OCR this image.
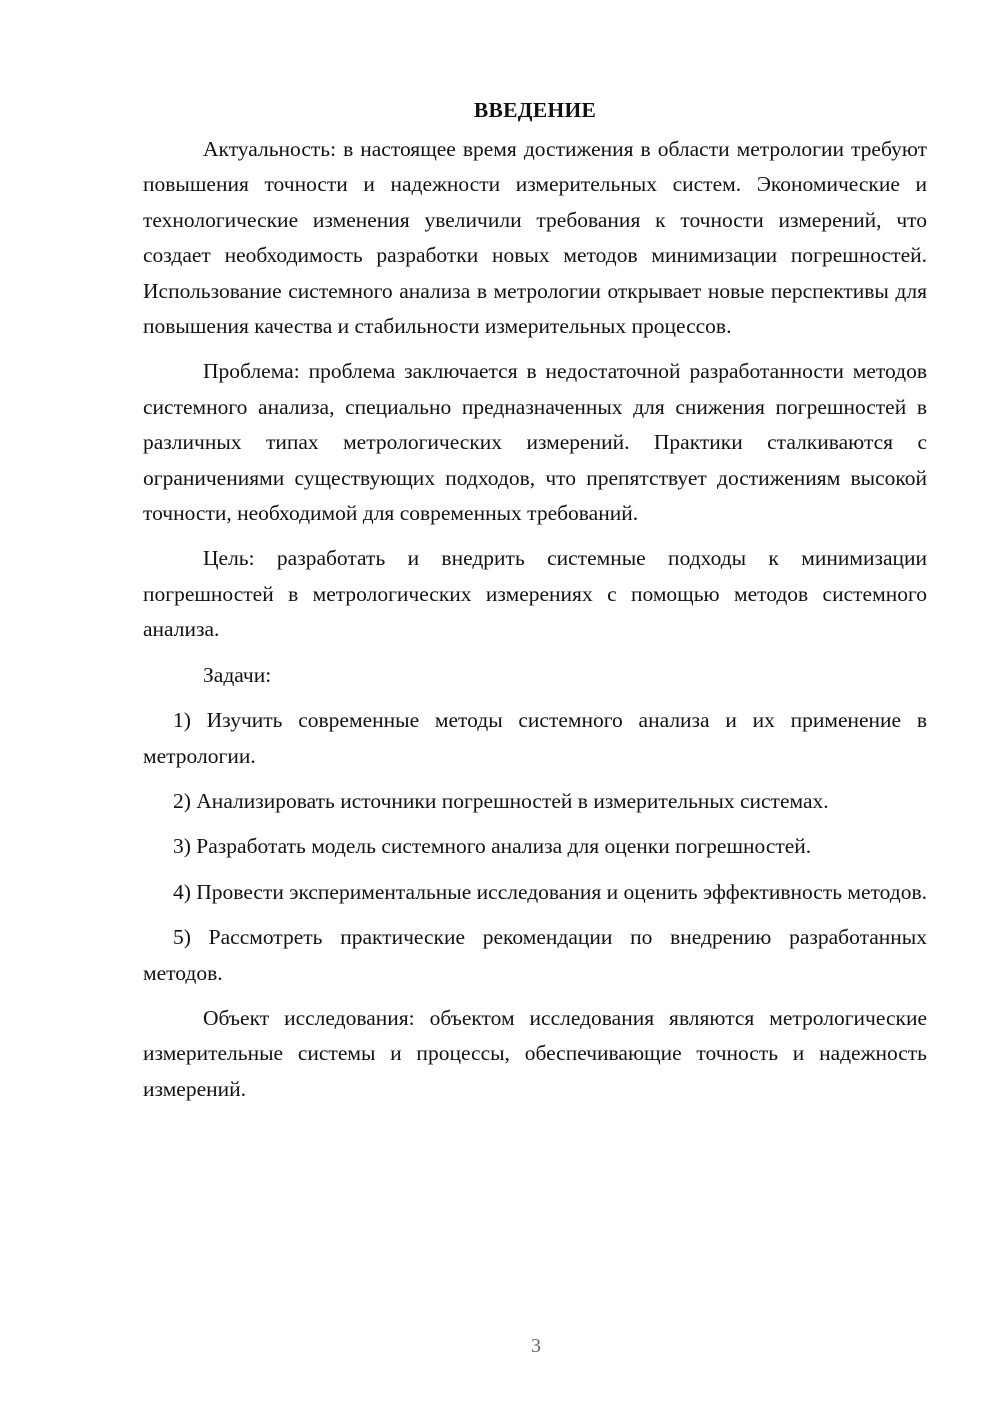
ВВЕДЕНИЕ

Актуальность: в настоящее время достижения в области метрологии требуют повышения точности и надежности измерительных систем. Экономические и технологические изменения увеличили требования к точности измерений, что создает необходимость разработки новых методов минимизации погрешностей. Использование системного анализа в метрологии открывает новые перспективы для повышения качества и стабильности измерительных процессов.

Проблема: проблема заключается в недостаточной разработанности методов системного анализа, специально предназначенных для снижения погрешностей в различных типах метрологических измерений. Практики сталкиваются с ограничениями существующих подходов, что препятствует достижениям высокой точности, необходимой для современных требований.

Цель: разработать и внедрить системные подходы к минимизации погрешностей в метрологических измерениях с помощью методов системного анализа.

Задачи:

1) Изучить современные методы системного анализа и их применение в метрологии.

2) Анализировать источники погрешностей в измерительных системах.

3) Разработать модель системного анализа для оценки погрешностей.

4) Провести экспериментальные исследования и оценить эффективность методов.

5) Рассмотреть практические рекомендации по внедрению разработанных методов.

Объект исследования: объектом исследования являются метрологические измерительные системы и процессы, обеспечивающие точность и надежность измерений.

3
